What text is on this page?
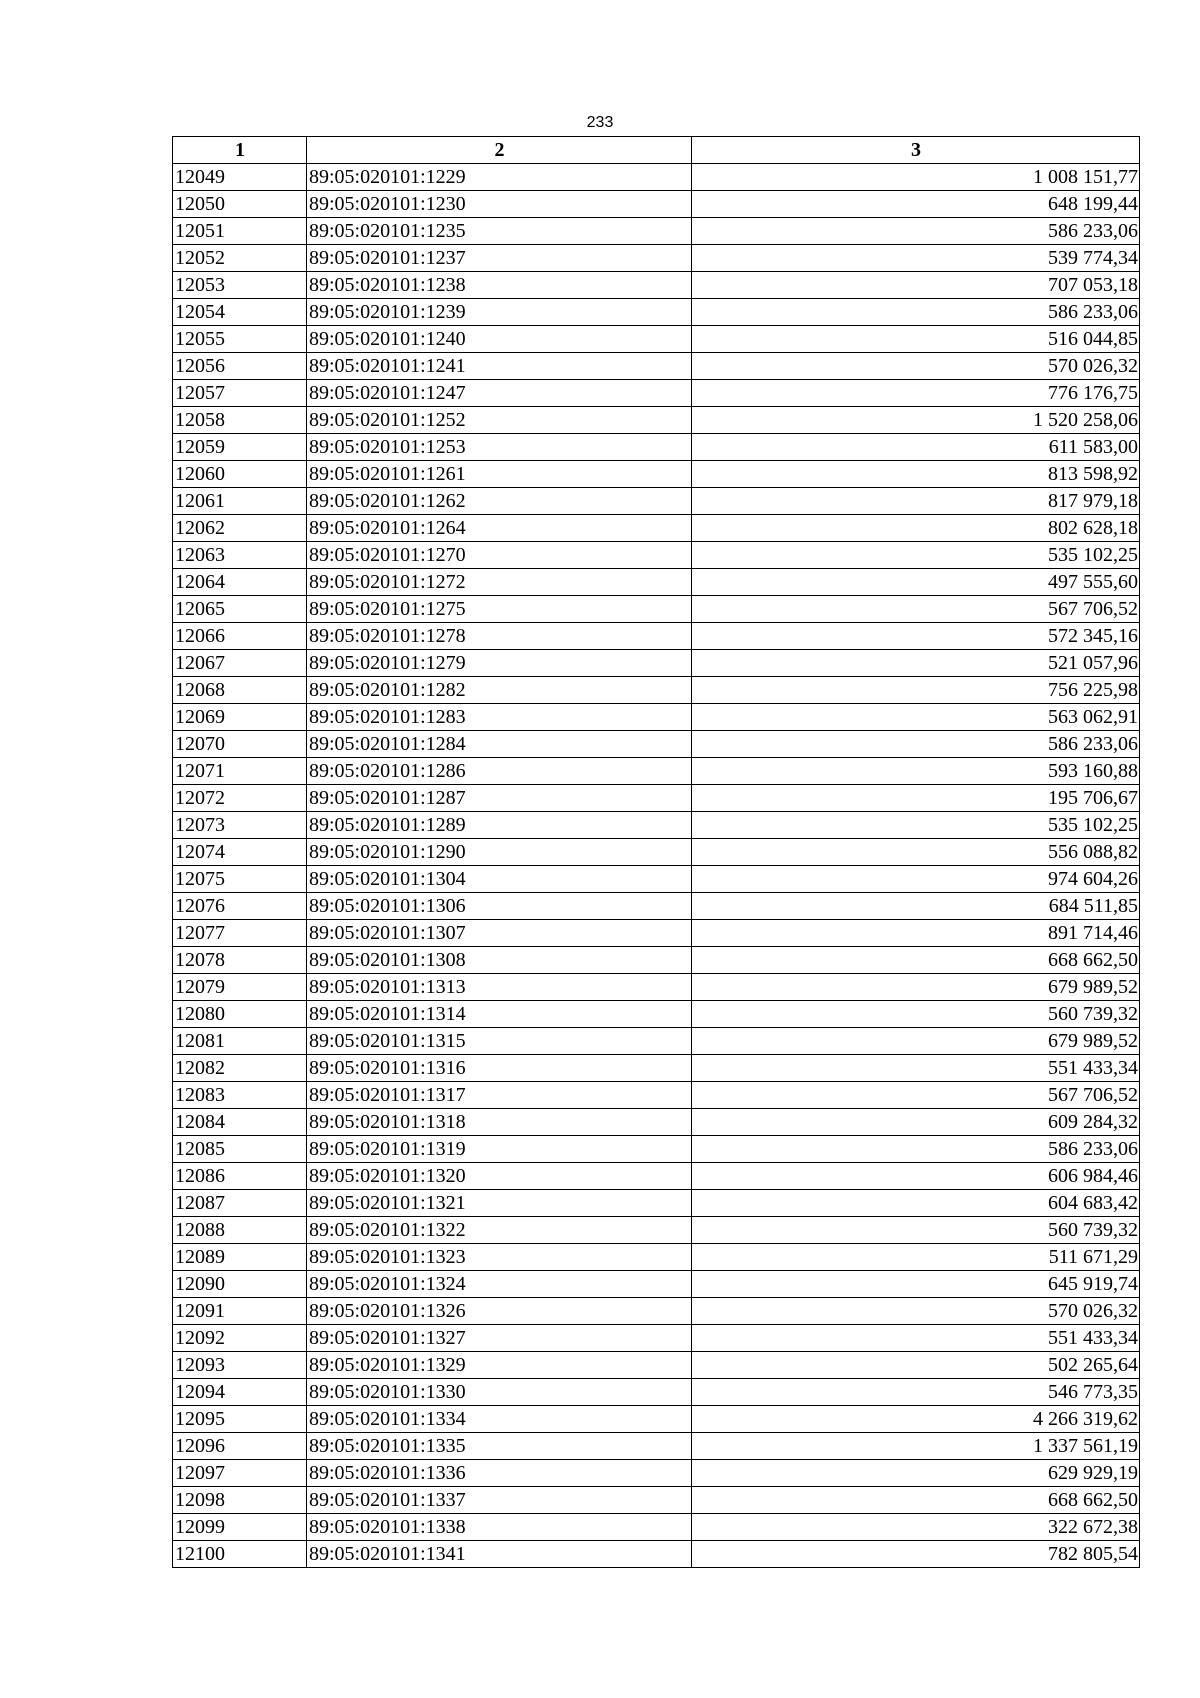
233
1	2	3
12049	89:05:020101:1229	1 008 151,77
12050	89:05:020101:1230	648 199,44
12051	89:05:020101:1235	586 233,06
12052	89:05:020101:1237	539 774,34
12053	89:05:020101:1238	707 053,18
12054	89:05:020101:1239	586 233,06
12055	89:05:020101:1240	516 044,85
12056	89:05:020101:1241	570 026,32
12057	89:05:020101:1247	776 176,75
12058	89:05:020101:1252	1 520 258,06
12059	89:05:020101:1253	611 583,00
12060	89:05:020101:1261	813 598,92
12061	89:05:020101:1262	817 979,18
12062	89:05:020101:1264	802 628,18
12063	89:05:020101:1270	535 102,25
12064	89:05:020101:1272	497 555,60
12065	89:05:020101:1275	567 706,52
12066	89:05:020101:1278	572 345,16
12067	89:05:020101:1279	521 057,96
12068	89:05:020101:1282	756 225,98
12069	89:05:020101:1283	563 062,91
12070	89:05:020101:1284	586 233,06
12071	89:05:020101:1286	593 160,88
12072	89:05:020101:1287	195 706,67
12073	89:05:020101:1289	535 102,25
12074	89:05:020101:1290	556 088,82
12075	89:05:020101:1304	974 604,26
12076	89:05:020101:1306	684 511,85
12077	89:05:020101:1307	891 714,46
12078	89:05:020101:1308	668 662,50
12079	89:05:020101:1313	679 989,52
12080	89:05:020101:1314	560 739,32
12081	89:05:020101:1315	679 989,52
12082	89:05:020101:1316	551 433,34
12083	89:05:020101:1317	567 706,52
12084	89:05:020101:1318	609 284,32
12085	89:05:020101:1319	586 233,06
12086	89:05:020101:1320	606 984,46
12087	89:05:020101:1321	604 683,42
12088	89:05:020101:1322	560 739,32
12089	89:05:020101:1323	511 671,29
12090	89:05:020101:1324	645 919,74
12091	89:05:020101:1326	570 026,32
12092	89:05:020101:1327	551 433,34
12093	89:05:020101:1329	502 265,64
12094	89:05:020101:1330	546 773,35
12095	89:05:020101:1334	4 266 319,62
12096	89:05:020101:1335	1 337 561,19
12097	89:05:020101:1336	629 929,19
12098	89:05:020101:1337	668 662,50
12099	89:05:020101:1338	322 672,38
12100	89:05:020101:1341	782 805,54
